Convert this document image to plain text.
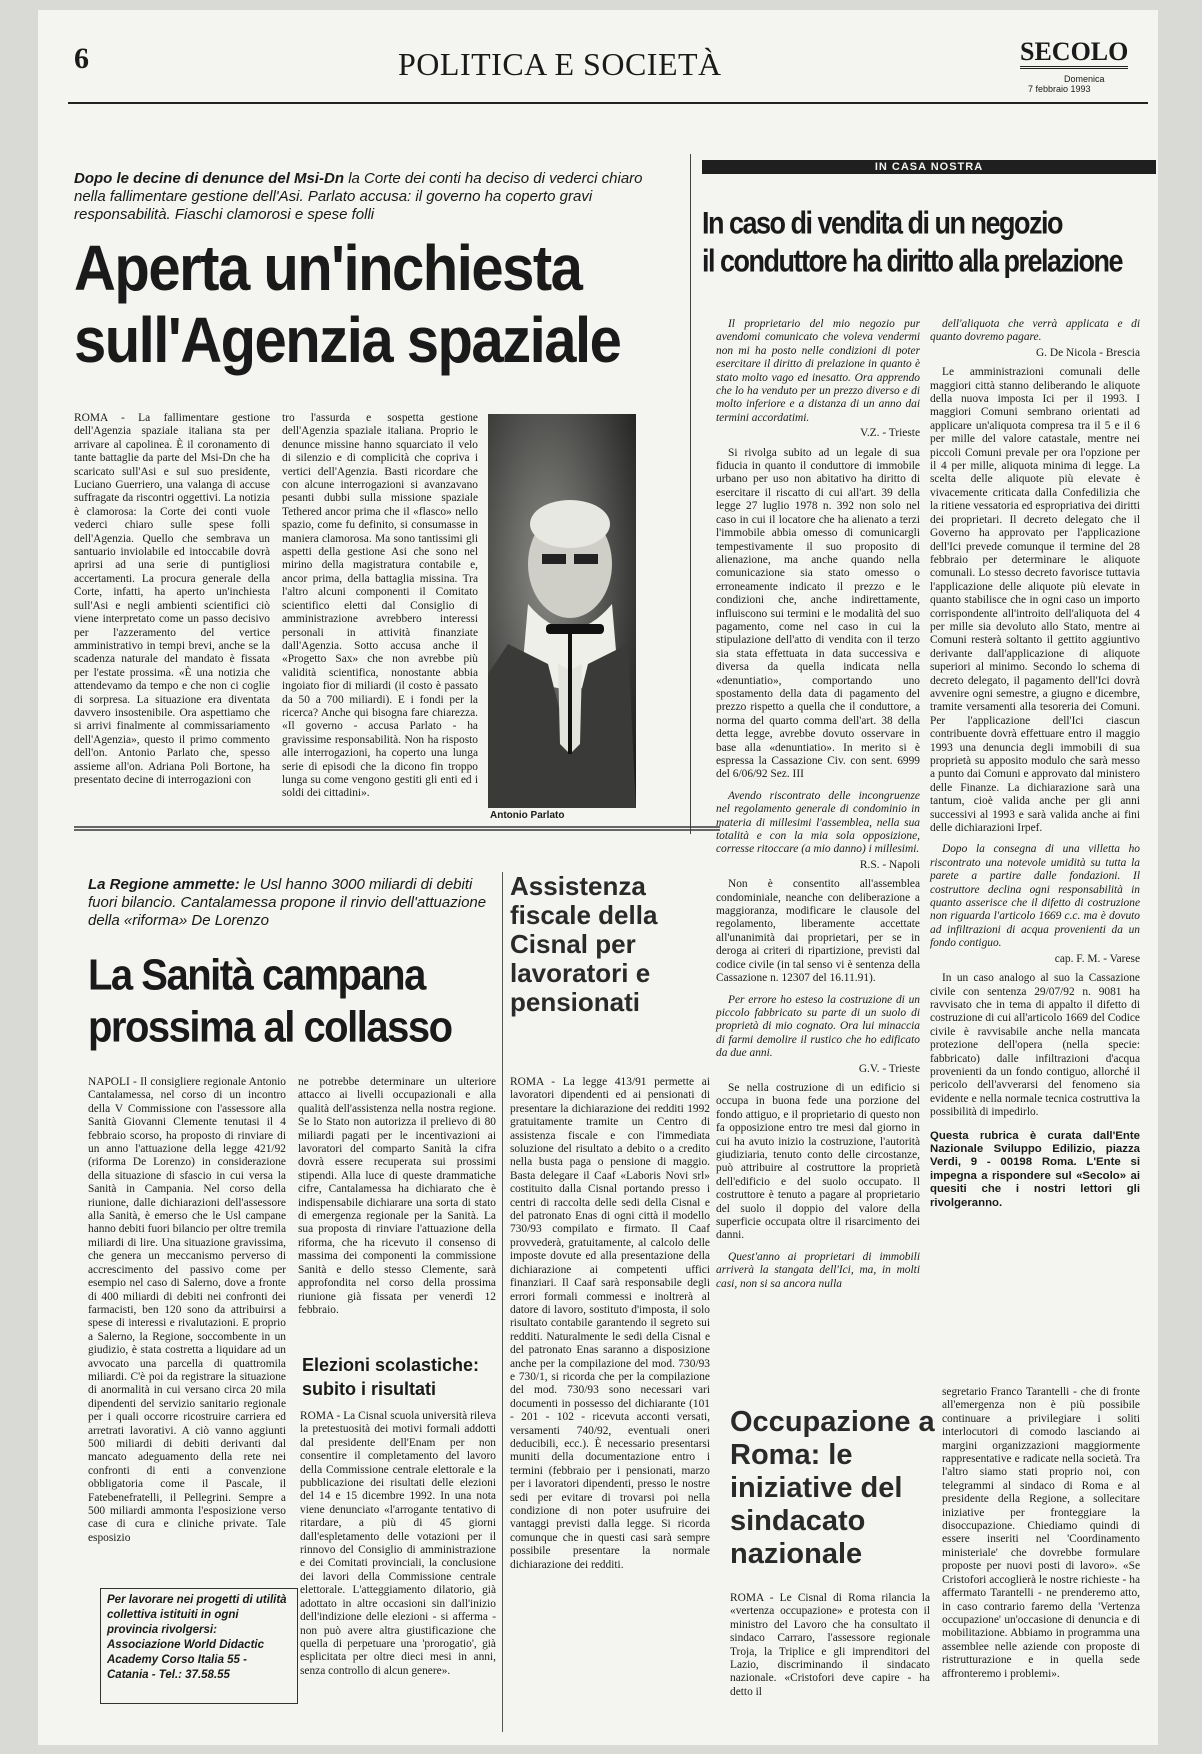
6	POLITICA E SOCIETÀ	SECOLO
Domenica
7 febbraio 1993
Dopo le decine di denunce del Msi-Dn la Corte dei conti ha deciso di vederci chiaro nella fallimentare gestione dell'Asi. Parlato accusa: il governo ha coperto gravi responsabilità. Fiaschi clamorosi e spese folli
Aperta un'inchiesta
sull'Agenzia spaziale
ROMA - La fallimentare gestione dell'Agenzia spaziale italiana sta per arrivare al capolinea. È il coronamento di tante battaglie da parte del Msi-Dn che ha scaricato sull'Asi e sul suo presidente, Luciano Guerriero, una valanga di accuse suffragate da riscontri oggettivi. La notizia è clamorosa: la Corte dei conti vuole vederci chiaro sulle spese folli dell'Agenzia. Quello che sembrava un santuario inviolabile ed intoccabile dovrà aprirsi ad una serie di puntigliosi accertamenti. La procura generale della Corte, infatti, ha aperto un'inchiesta sull'Asi e negli ambienti scientifici ciò viene interpretato come un passo decisivo per l'azzeramento del vertice amministrativo in tempi brevi, anche se la scadenza naturale del mandato è fissata per l'estate prossima. «È una notizia che attendevamo da tempo e che non ci coglie di sorpresa. La situazione era diventata davvero insostenibile. Ora aspettiamo che si arrivi finalmente al commissariamento dell'Agenzia», questo il primo commento dell'on. Antonio Parlato che, spesso assieme all'on. Adriana Poli Bortone, ha presentato decine di interrogazioni con
tro l'assurda e sospetta gestione dell'Agenzia spaziale italiana. Proprio le denunce missine hanno squarciato il velo di silenzio e di complicità che copriva i vertici dell'Agenzia. Basti ricordare che con alcune interrogazioni si avanzavano pesanti dubbi sulla missione spaziale Tethered ancor prima che il «flasco» nello spazio, come fu definito, si consumasse in maniera clamorosa. Ma sono tantissimi gli aspetti della gestione Asi che sono nel mirino della magistratura contabile e, ancor prima, della battaglia missina. Tra l'altro alcuni componenti il Comitato scientifico eletti dal Consiglio di amministrazione avrebbero interessi personali in attività finanziate dall'Agenzia. Sotto accusa anche il «Progetto Sax» che non avrebbe più validità scientifica, nonostante abbia ingoiato fior di miliardi (il costo è passato da 50 a 700 miliardi). E i fondi per la ricerca? Anche qui bisogna fare chiarezza. «Il governo - accusa Parlato - ha gravissime responsabilità. Non ha risposto alle interrogazioni, ha coperto una lunga serie di episodi che la dicono fin troppo lunga su come vengono gestiti gli enti ed i soldi dei cittadini».
Antonio Parlato
IN CASA NOSTRA
In caso di vendita di un negozio
il conduttore ha diritto alla prelazione

Il proprietario del mio negozio pur avendomi comunicato che voleva vendermi non mi ha posto nelle condizioni di poter esercitare il diritto di prelazione in quanto è stato molto vago ed inesatto. Ora apprendo che lo ha venduto per un prezzo diverso e di molto inferiore e a distanza di un anno dai termini accordatimi.

V.Z. - Trieste

Si rivolga subito ad un legale di sua fiducia in quanto il conduttore di immobile urbano per uso non abitativo ha diritto di esercitare il riscatto di cui all'art. 39 della legge 27 luglio 1978 n. 392 non solo nel caso in cui il locatore che ha alienato a terzi l'immobile abbia omesso di comunicargli tempestivamente il suo proposito di alienazione, ma anche quando nella comunicazione sia stato omesso o erroneamente indicato il prezzo e le condizioni che, anche indirettamente, influiscono sui termini e le modalità del suo pagamento, come nel caso in cui la stipulazione dell'atto di vendita con il terzo sia stata effettuata in data successiva e diversa da quella indicata nella «denuntiatio», comportando uno spostamento della data di pagamento del prezzo rispetto a quella che il conduttore, a norma del quarto comma dell'art. 38 della detta legge, avrebbe dovuto osservare in base alla «denuntiatio». In merito si è espressa la Cassazione Civ. con sent. 6999 del 6/06/92 Sez. III

Avendo riscontrato delle incongruenze nel regolamento generale di condominio in materia di millesimi l'assemblea, nella sua totalità e con la mia sola opposizione, corresse ritoccare (a mio danno) i millesimi.

R.S. - Napoli

Non è consentito all'assemblea condominiale, neanche con deliberazione a maggioranza, modificare le clausole del regolamento, liberamente accettate all'unanimità dai proprietari, per se in deroga ai criteri di ripartizione, previsti dal codice civile (in tal senso vi è sentenza della Cassazione n. 12307 del 16.11.91).

Per errore ho esteso la costruzione di un piccolo fabbricato su parte di un suolo di proprietà di mio cognato. Ora lui minaccia di farmi demolire il rustico che ho edificato da due anni.

G.V. - Trieste

Se nella costruzione di un edificio si occupa in buona fede una porzione del fondo attiguo, e il proprietario di questo non fa opposizione entro tre mesi dal giorno in cui ha avuto inizio la costruzione, l'autorità giudiziaria, tenuto conto delle circostanze, può attribuire al costruttore la proprietà dell'edificio e del suolo occupato. Il costruttore è tenuto a pagare al proprietario del suolo il doppio del valore della superficie occupata oltre il risarcimento dei danni.

Quest'anno ai proprietari di immobili arriverà la stangata dell'Ici, ma, in molti casi, non si sa ancora nulla

dell'aliquota che verrà applicata e di quanto dovremo pagare.

G. De Nicola - Brescia

Le amministrazioni comunali delle maggiori città stanno deliberando le aliquote della nuova imposta Ici per il 1993. I maggiori Comuni sembrano orientati ad applicare un'aliquota compresa tra il 5 e il 6 per mille del valore catastale, mentre nei piccoli Comuni prevale per ora l'opzione per il 4 per mille, aliquota minima di legge. La scelta delle aliquote più elevate è vivacemente criticata dalla Confedilizia che la ritiene vessatoria ed espropriativa dei diritti dei proprietari. Il decreto delegato che il Governo ha approvato per l'applicazione dell'Ici prevede comunque il termine del 28 febbraio per determinare le aliquote comunali. Lo stesso decreto favorisce tuttavia l'applicazione delle aliquote più elevate in quanto stabilisce che in ogni caso un importo corrispondente all'introito dell'aliquota del 4 per mille sia devoluto allo Stato, mentre ai Comuni resterà soltanto il gettito aggiuntivo derivante dall'applicazione di aliquote superiori al minimo. Secondo lo schema di decreto delegato, il pagamento dell'Ici dovrà avvenire ogni semestre, a giugno e dicembre, tramite versamenti alla tesoreria dei Comuni. Per l'applicazione dell'Ici ciascun contribuente dovrà effettuare entro il maggio 1993 una denuncia degli immobili di sua proprietà su apposito modulo che sarà messo a punto dai Comuni e approvato dal ministero delle Finanze. La dichiarazione sarà una tantum, cioè valida anche per gli anni successivi al 1993 e sarà valida anche ai fini delle dichiarazioni Irpef.

Dopo la consegna di una villetta ho riscontrato una notevole umidità su tutta la parete a partire dalle fondazioni. Il costruttore declina ogni responsabilità in quanto asserisce che il difetto di costruzione non riguarda l'articolo 1669 c.c. ma è dovuto ad infiltrazioni di acqua provenienti da un fondo contiguo.

cap. F. M. - Varese

In un caso analogo al suo la Cassazione civile con sentenza 29/07/92 n. 9081 ha ravvisato che in tema di appalto il difetto di costruzione di cui all'articolo 1669 del Codice civile è ravvisabile anche nella mancata protezione dell'opera (nella specie: fabbricato) dalle infiltrazioni d'acqua provenienti da un fondo contiguo, allorché il pericolo dell'avverarsi del fenomeno sia evidente e nella normale tecnica costruttiva la possibilità di impedirlo.

Questa rubrica è curata dall'Ente Nazionale Sviluppo Edilizio, piazza Verdi, 9 - 00198 Roma. L'Ente si impegna a rispondere sul «Secolo» ai quesiti che i nostri lettori gli rivolgeranno.

La Regione ammette: le Usl hanno 3000 miliardi di debiti fuori bilancio. Cantalamessa propone il rinvio dell'attuazione della «riforma» De Lorenzo
La Sanità campana
prossima al collasso
NAPOLI - Il consigliere regionale Antonio Cantalamessa, nel corso di un incontro della V Commissione con l'assessore alla Sanità Giovanni Clemente tenutasi il 4 febbraio scorso, ha proposto di rinviare di un anno l'attuazione della legge 421/92 (riforma De Lorenzo) in considerazione della situazione di sfascio in cui versa la Sanità in Campania. Nel corso della riunione, dalle dichiarazioni dell'assessore alla Sanità, è emerso che le Usl campane hanno debiti fuori bilancio per oltre tremila miliardi di lire. Una situazione gravissima, che genera un meccanismo perverso di accrescimento del passivo come per esempio nel caso di Salerno, dove a fronte di 400 miliardi di debiti nei confronti dei farmacisti, ben 120 sono da attribuirsi a spese di interessi e rivalutazioni. E proprio a Salerno, la Regione, soccombente in un giudizio, è stata costretta a liquidare ad un avvocato una parcella di quattromila miliardi. C'è poi da registrare la situazione di anormalità in cui versano circa 20 mila dipendenti del servizio sanitario regionale per i quali occorre ricostruire carriera ed arretrati lavorativi. A ciò vanno aggiunti 500 miliardi di debiti derivanti dal mancato adeguamento della rete nei confronti di enti a convenzione obbligatoria come il Pascale, il Fatebenefratelli, il Pellegrini. Sempre a 500 miliardi ammonta l'esposizione verso case di cura e cliniche private. Tale esposizio
ne potrebbe determinare un ulteriore attacco ai livelli occupazionali e alla qualità dell'assistenza nella nostra regione. Se lo Stato non autorizza il prelievo di 80 miliardi pagati per le incentivazioni ai lavoratori del comparto Sanità la cifra dovrà essere recuperata sui prossimi stipendi. Alla luce di queste drammatiche cifre, Cantalamessa ha dichiarato che è indispensabile dichiarare una sorta di stato di emergenza regionale per la Sanità. La sua proposta di rinviare l'attuazione della riforma, che ha ricevuto il consenso di massima dei componenti la commissione Sanità e dello stesso Clemente, sarà approfondita nel corso della prossima riunione già fissata per venerdì 12 febbraio.
Per lavorare nei progetti di utilità collettiva istituiti in ogni provincia rivolgersi: Associazione World Didactic Academy Corso Italia 55 - Catania - Tel.: 37.58.55
Elezioni scolastiche:
subito i risultati
ROMA - La Cisnal scuola università rileva la pretestuosità dei motivi formali addotti dal presidente dell'Enam per non consentire il completamento del lavoro della Commissione centrale elettorale e la pubblicazione dei risultati delle elezioni del 14 e 15 dicembre 1992. In una nota viene denunciato «l'arrogante tentativo di ritardare, a più di 45 giorni dall'espletamento delle votazioni per il rinnovo del Consiglio di amministrazione e dei Comitati provinciali, la conclusione dei lavori della Commissione centrale elettorale. L'atteggiamento dilatorio, già adottato in altre occasioni sin dall'inizio dell'indizione delle elezioni - si afferma - non può avere altra giustificazione che quella di perpetuare una 'prorogatio', già esplicitata per oltre dieci mesi in anni, senza controllo di alcun genere».
Assistenza fiscale della Cisnal per lavoratori e pensionati
ROMA - La legge 413/91 permette ai lavoratori dipendenti ed ai pensionati di presentare la dichiarazione dei redditi 1992 gratuitamente tramite un Centro di assistenza fiscale e con l'immediata soluzione del risultato a debito o a credito nella busta paga o pensione di maggio. Basta delegare il Caaf «Laboris Novi srl» costituito dalla Cisnal portando presso i centri di raccolta delle sedi della Cisnal e del patronato Enas di ogni città il modello 730/93 compilato e firmato. Il Caaf provvederà, gratuitamente, al calcolo delle imposte dovute ed alla presentazione della dichiarazione ai competenti uffici finanziari. Il Caaf sarà responsabile degli errori formali commessi e inoltrerà al datore di lavoro, sostituto d'imposta, il solo risultato contabile garantendo il segreto sui redditi. Naturalmente le sedi della Cisnal e del patronato Enas saranno a disposizione anche per la compilazione del mod. 730/93 e 730/1, si ricorda che per la compilazione del mod. 730/93 sono necessari vari documenti in possesso del dichiarante (101 - 201 - 102 - ricevuta acconti versati, versamenti 740/92, eventuali oneri deducibili, ecc.). È necessario presentarsi muniti della documentazione entro i termini (febbraio per i pensionati, marzo per i lavoratori dipendenti, presso le nostre sedi per evitare di trovarsi poi nella condizione di non poter usufruire dei vantaggi previsti dalla legge. Si ricorda comunque che in questi casi sarà sempre possibile presentare la normale dichiarazione dei redditi.
Occupazione a Roma: le iniziative del sindacato nazionale
ROMA - Le Cisnal di Roma rilancia la «vertenza occupazione» e protesta con il ministro del Lavoro che ha consultato il sindaco Carraro, l'assessore regionale Troja, la Triplice e gli imprenditori del Lazio, discriminando il sindacato nazionale. «Cristofori deve capire - ha detto il
segretario Franco Tarantelli - che di fronte all'emergenza non è più possibile continuare a privilegiare i soliti interlocutori di comodo lasciando ai margini organizzazioni maggiormente rappresentative e radicate nella società. Tra l'altro siamo stati proprio noi, con telegrammi al sindaco di Roma e al presidente della Regione, a sollecitare iniziative per fronteggiare la disoccupazione. Chiediamo quindi di essere inseriti nel 'Coordinamento ministeriale' che dovrebbe formulare proposte per nuovi posti di lavoro». «Se Cristofori accoglierà le nostre richieste - ha affermato Tarantelli - ne prenderemo atto, in caso contrario faremo della 'Vertenza occupazione' un'occasione di denuncia e di mobilitazione. Abbiamo in programma una assemblee nelle aziende con proposte di ristrutturazione e in quella sede affronteremo i problemi».
